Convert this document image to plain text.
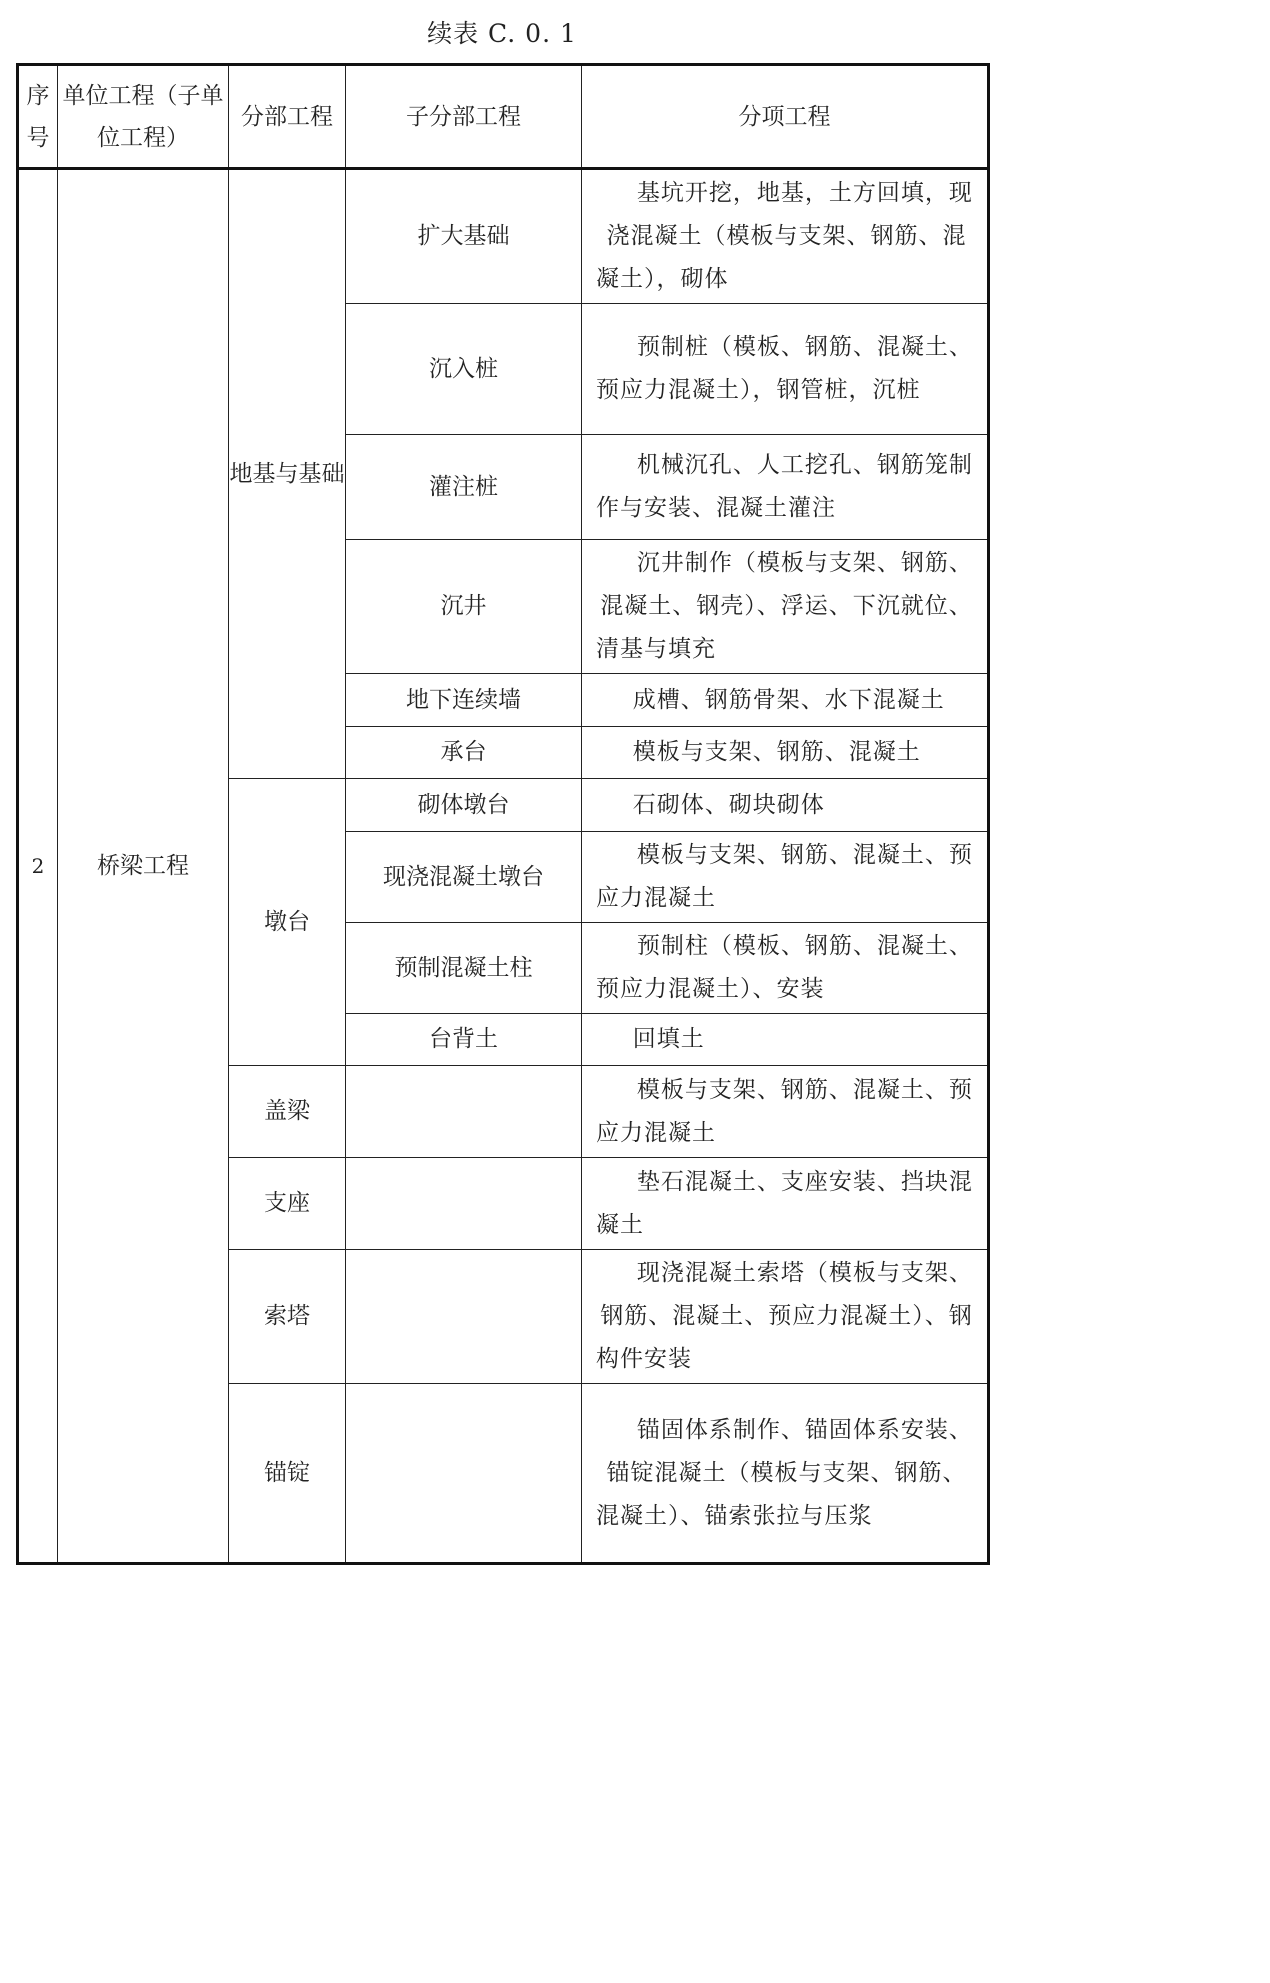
续表 C. 0. 1
序号	单位工程（子单位工程）	分部工程	子分部工程	分项工程
2	桥梁工程	地基与基础	扩大基础	基坑开挖，地基，土方回填，现浇混凝土（模板与支架、钢筋、混凝土），砌体

			沉入桩	预制桩（模板、钢筋、混凝土、预应力混凝土），钢管桩，沉桩

			灌注桩	机械沉孔、人工挖孔、钢筋笼制作与安装、混凝土灌注

			沉井	沉井制作（模板与支架、钢筋、混凝土、钢壳）、浮运、下沉就位、清基与填充

			地下连续墙	成槽、钢筋骨架、水下混凝土

			承台	模板与支架、钢筋、混凝土

		墩台	砌体墩台	石砌体、砌块砌体

			现浇混凝土墩台	模板与支架、钢筋、混凝土、预应力混凝土

			预制混凝土柱	预制柱（模板、钢筋、混凝土、预应力混凝土）、安装

			台背土	回填土

		盖梁		模板与支架、钢筋、混凝土、预应力混凝土

		支座		垫石混凝土、支座安装、挡块混凝土

		索塔		现浇混凝土索塔（模板与支架、钢筋、混凝土、预应力混凝土）、钢构件安装

		锚锭		锚固体系制作、锚固体系安装、锚锭混凝土（模板与支架、钢筋、混凝土）、锚索张拉与压浆
